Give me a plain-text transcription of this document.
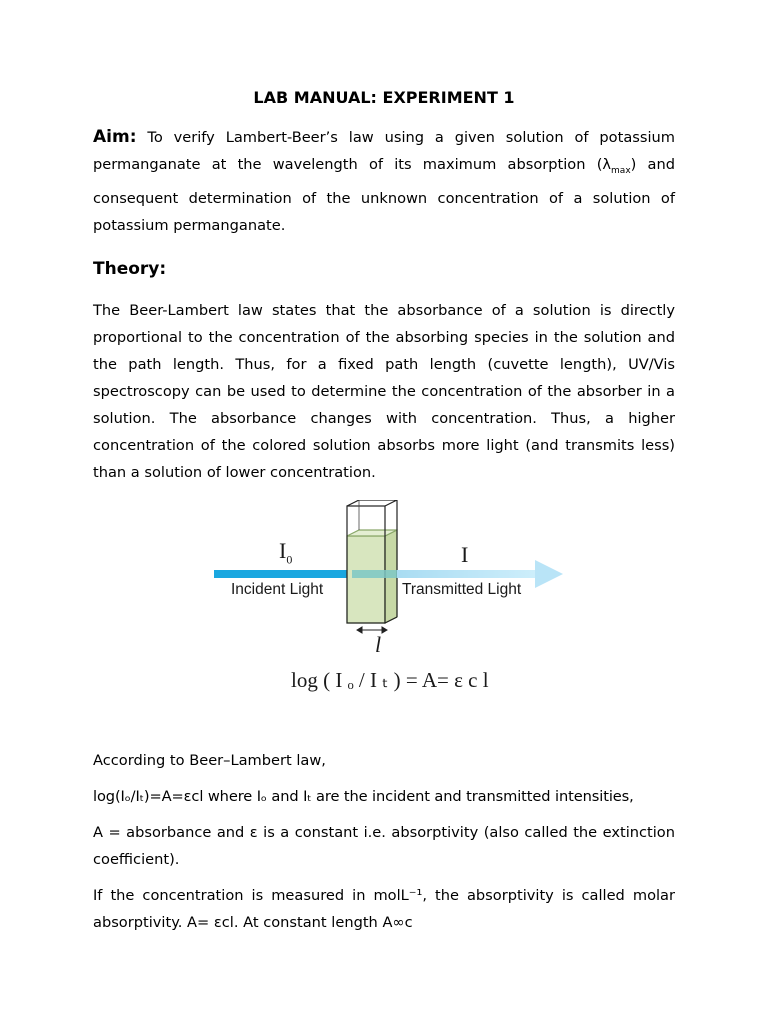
LAB MANUAL: EXPERIMENT 1

Aim: To verify Lambert-Beer’s law using a given solution of potassium permanganate at the wavelength of its maximum absorption $(\lambda_{max})$ and consequent determination of the unknown concentration of a solution of potassium permanganate.

Theory:

The Beer-Lambert law states that the absorbance of a solution is directly proportional to the concentration of the absorbing species in the solution and the path length. Thus, for a fixed path length (cuvette length), UV/Vis spectroscopy can be used to determine the concentration of the absorber in a solution. The absorbance changes with concentration. Thus, a higher concentration of the colored solution absorbs more light (and transmits less) than a solution of lower concentration.

$I_0$	I
Incident Light	Transmitted Light
l
log ( I ₒ / I ₜ ) = A= ε c l

According to Beer–Lambert law,

log(Iₒ/Iₜ)=A=εcl where Iₒ and Iₜ are the incident and transmitted intensities,

A = absorbance and ε is a constant i.e. absorptivity (also called the extinction coefficient).

If the concentration is measured in molL⁻¹, the absorptivity is called molar absorptivity. A= εcl. At constant length A∞c
